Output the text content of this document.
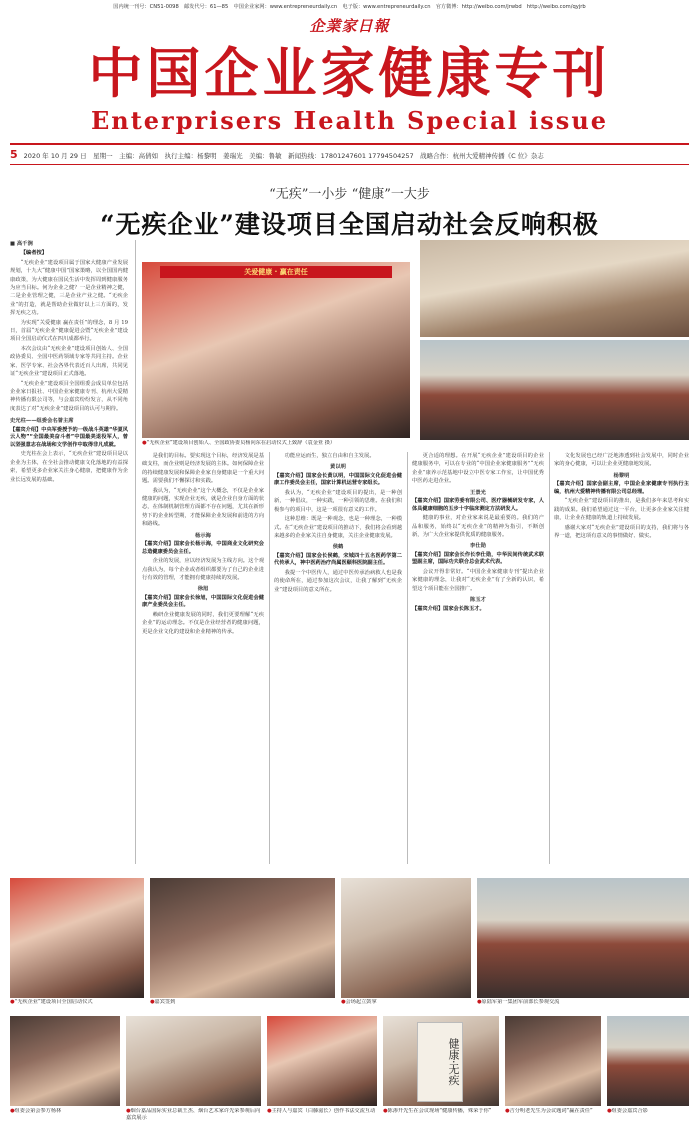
国内统一刊号：CN51-0098　邮发代号：61—85　中国企业家网：www.entrepreneurdaily.cn　电子版：www.entrepreneurdaily.cn　官方微博：http://weibo.com/jrwbd　http://weibo.com/qyjrb
企業家日報
中国企业家健康专刊
Enterprisers Health Special issue
5 2020 年 10 月 29 日　星期一　主编：高倩如　执行主编：杨黎明　姜瑞光　美编：鲁敏　新闻热线：17801247601 17794504257　战略合作：杭州大爱精神传播《C 位》杂志
“无疾”一小步 “健康”一大步
“无疾企业”建设项目全国启动社会反响积极

■ 高千涧

【编者按】

“无疾企业”建设项目属于国家大健康产业发展规划，十九大“健康中国”国家策略，以全国国内健康政策，为大健康在国民生活中发挥周到健康服务为应当目标。何为企业之健？一是企业精神之健，二是企业管理之健，三是企业产业之健。“无疾企业”的打造，就是帮助企业做好以上三方面的，发挥无疾之功。

为实现“关爱健康 赢在责任”的理念，8 月 19 日，首届“无疾企业”健康促进会暨“无疾企业”建设项目全国启动仪式在四川成都举行。

本次会议由“无疾企业”建设项目创始人、全国政协委员、全国中医药领域专家等共同主持。企业家、医学专家、社会各界代表近百人出席，共同见证“无疾企业”建设项目正式落地。

“无疾企业”建设项目全国组委会成员单位包括企业家日报社、中国企业家健康专刊、杭州大爱精神传播有限公司等，与会嘉宾纷纷发言，从不同角度表达了对“无疾企业”建设项目的认可与期待。

史光柱——组委会名誉主席

【嘉宾介绍】中央军委授予的一级战斗英雄“华夏风云人物”“全国最美奋斗者”中国最美退役军人，曾以坚强意志在战场和文学创作中取得非凡成就。

史光柱在会上表示，“无疾企业”建设项目是以企业为主体，在全社会推动健康文化落地的有益探索，希望更多企业家关注身心健康，把健康作为企业长远发展的基础。

关爱健康 · 赢在责任
●“无疾企业”建设项目创始人、全国政协委员杨向东在启动仪式上致辞（袁金亚 摄）

是我们的目标。要实现这个目标，经济发展是基础支柱，而企业则是经济发展的主体。如何保障企业的持续健康发展和保障企业家自身健康是一个重大问题。需要我们不懈探讨和实践。

我认为，“无疾企业”这个大概念，不仅是企业家健康的问题，实现企业无疾，就是企业自身方面的状态，在体制机制管理方面都不存在问题，尤其在新形势下的企业转型期，才能保障企业发展和前进的方向和路线。

杨示海

【嘉宾介绍】国家会长杨示海，中国商业文化研究会总造健康委员会主任。

企业的发展，应以经济发展为主线方向。这个观点我认为，每个企业或者组织都要为了自己的企业进行有效的管理，才能拥有健康持续的发展。

徐旭

【嘉宾介绍】国家会长徐旭，中国国际文化促进会健康产业委员会主任。

赖研企业健康发展的同时，我们更要理解“无疾企业”的运动理念。不仅是企业经营者的健康问题，更是企业文化的建设和企业精神的传承。

功能应运而生，独立自由和自主发展。

黄以明

【嘉宾介绍】国家会长黄以明，中国国际文化促进会健康工作委员会主任，国家计算机运营专家组长。

我认为，“无疾企业”建设项目的提出，是一种创新，一种倡议，一种实践，一种引领的思维。在我们积极参与的项目中，这是一项很有意义的工作。

这种思维：既是一种观念，也是一种理念，一种模式。在“无疾企业”建设项目的推动下，我们将会看到越来越多的企业家关注自身健康，关注企业健康发展。

侯鹤

【嘉宾介绍】国家会长侯鹤，宋城四十五名医药学第二代传承人，神中医药治疗尚属医颐科医院副主任。

我提一个中医传人，通过中医传承治病救人也是我的使命所在，通过参加这次会议，让我了解到“无疾企业”建设项目的意义所在。

更合适的理想。在开展“无疾企业”建设项目的企业健康服务中，可以在专业的“中国企业家健康服务”“无疾企业”康养示范基地中设立中医专家工作室，让中国优秀中医药走进企业。

王景光

【嘉宾介绍】国家劳委有限公司、医疗器械研发专家，人体具健康细胞的五步十字临床测定方法研发人。

健康的事业，对企业家来说是最重要的。我们的产品和服务，始终以“无疾企业”的精神为指引，不断创新，为广大企业家提供优质的健康服务。

李仕勋

【嘉宾介绍】国家会长作长李仕勋，中华民间传统武术联盟副主席，国际功夫联合总会武术代表。

会议开得非常好。“中国企业家健康专刊”提出企业家健康的理念，让我对“无疾企业”有了全新的认识，希望这个项目能在全国推广。

陈玉才

【嘉宾介绍】国家会长陈玉才。

文化发展也已经广泛地渗透到社会发展中，同时企业家的身心健康，可以让企业更健康地发展。

杨黎明

【嘉宾介绍】国家会副主席，中国企业家健康专刊执行主编，杭州大爱精神传播有限公司总经理。

“无疾企业”建设项目的推出，是我们多年来思考和实践的成果。我们希望通过这一平台，让更多企业家关注健康，让企业在健康的轨道上持续发展。

感谢大家对“无疾企业”建设项目的支持，我们将与各界一道，把这项有意义的事情做好、做实。

●“无疾企业”建设项目全国启动仪式	●嘉宾签到	●会场起立鼓掌	●原陆军第一集团军前部长参观交流
●组委会第会参方杨林	●烟台嘉品国际实业总裁王杰、烟台艺术家许先荣参观后向嘉宾展示
●主持人与嘉宾（白藤滋长）创作书法交流互动
健康·无疾
●陈渗开先生在会议现场“健康传播，殊荣于你”	●吉分明老先生为会议题词“赢在责任”	●组委会嘉宾合影
